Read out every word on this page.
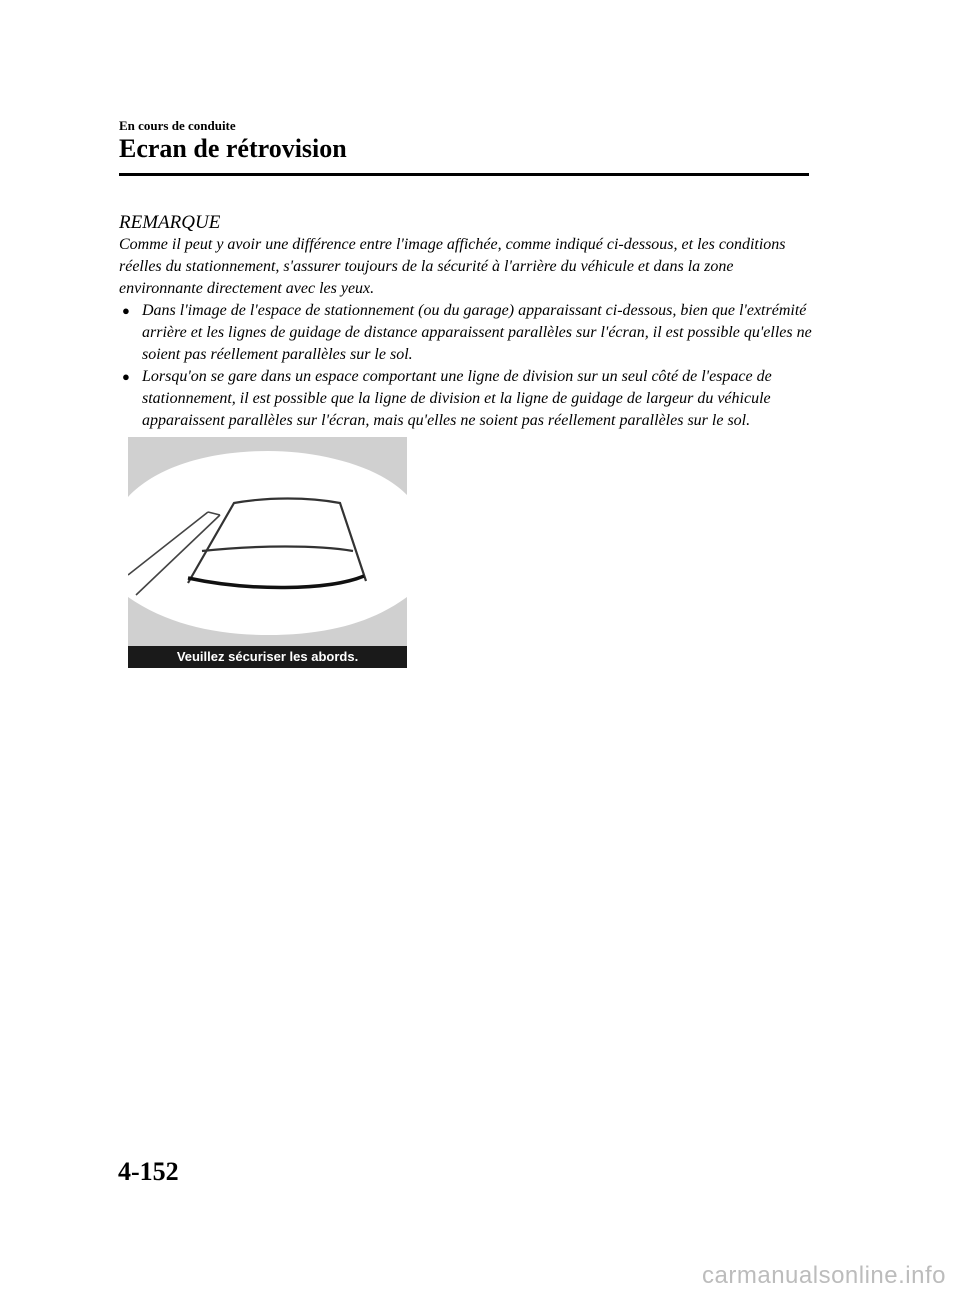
En cours de conduite
Ecran de rétrovision
REMARQUE

Comme il peut y avoir une différence entre l'image affichée, comme indiqué ci-dessous, et les conditions réelles du stationnement, s'assurer toujours de la sécurité à l'arrière du véhicule et dans la zone environnante directement avec les yeux.

● Dans l'image de l'espace de stationnement (ou du garage) apparaissant ci-dessous, bien que l'extrémité arrière et les lignes de guidage de distance apparaissent parallèles sur l'écran, il est possible qu'elles ne soient pas réellement parallèles sur le sol.
● Lorsqu'on se gare dans un espace comportant une ligne de division sur un seul côté de l'espace de stationnement, il est possible que la ligne de division et la ligne de guidage de largeur du véhicule apparaissent parallèles sur l'écran, mais qu'elles ne soient pas réellement parallèles sur le sol.
Veuillez sécuriser les abords.
4-152
carmanualsonline.info
